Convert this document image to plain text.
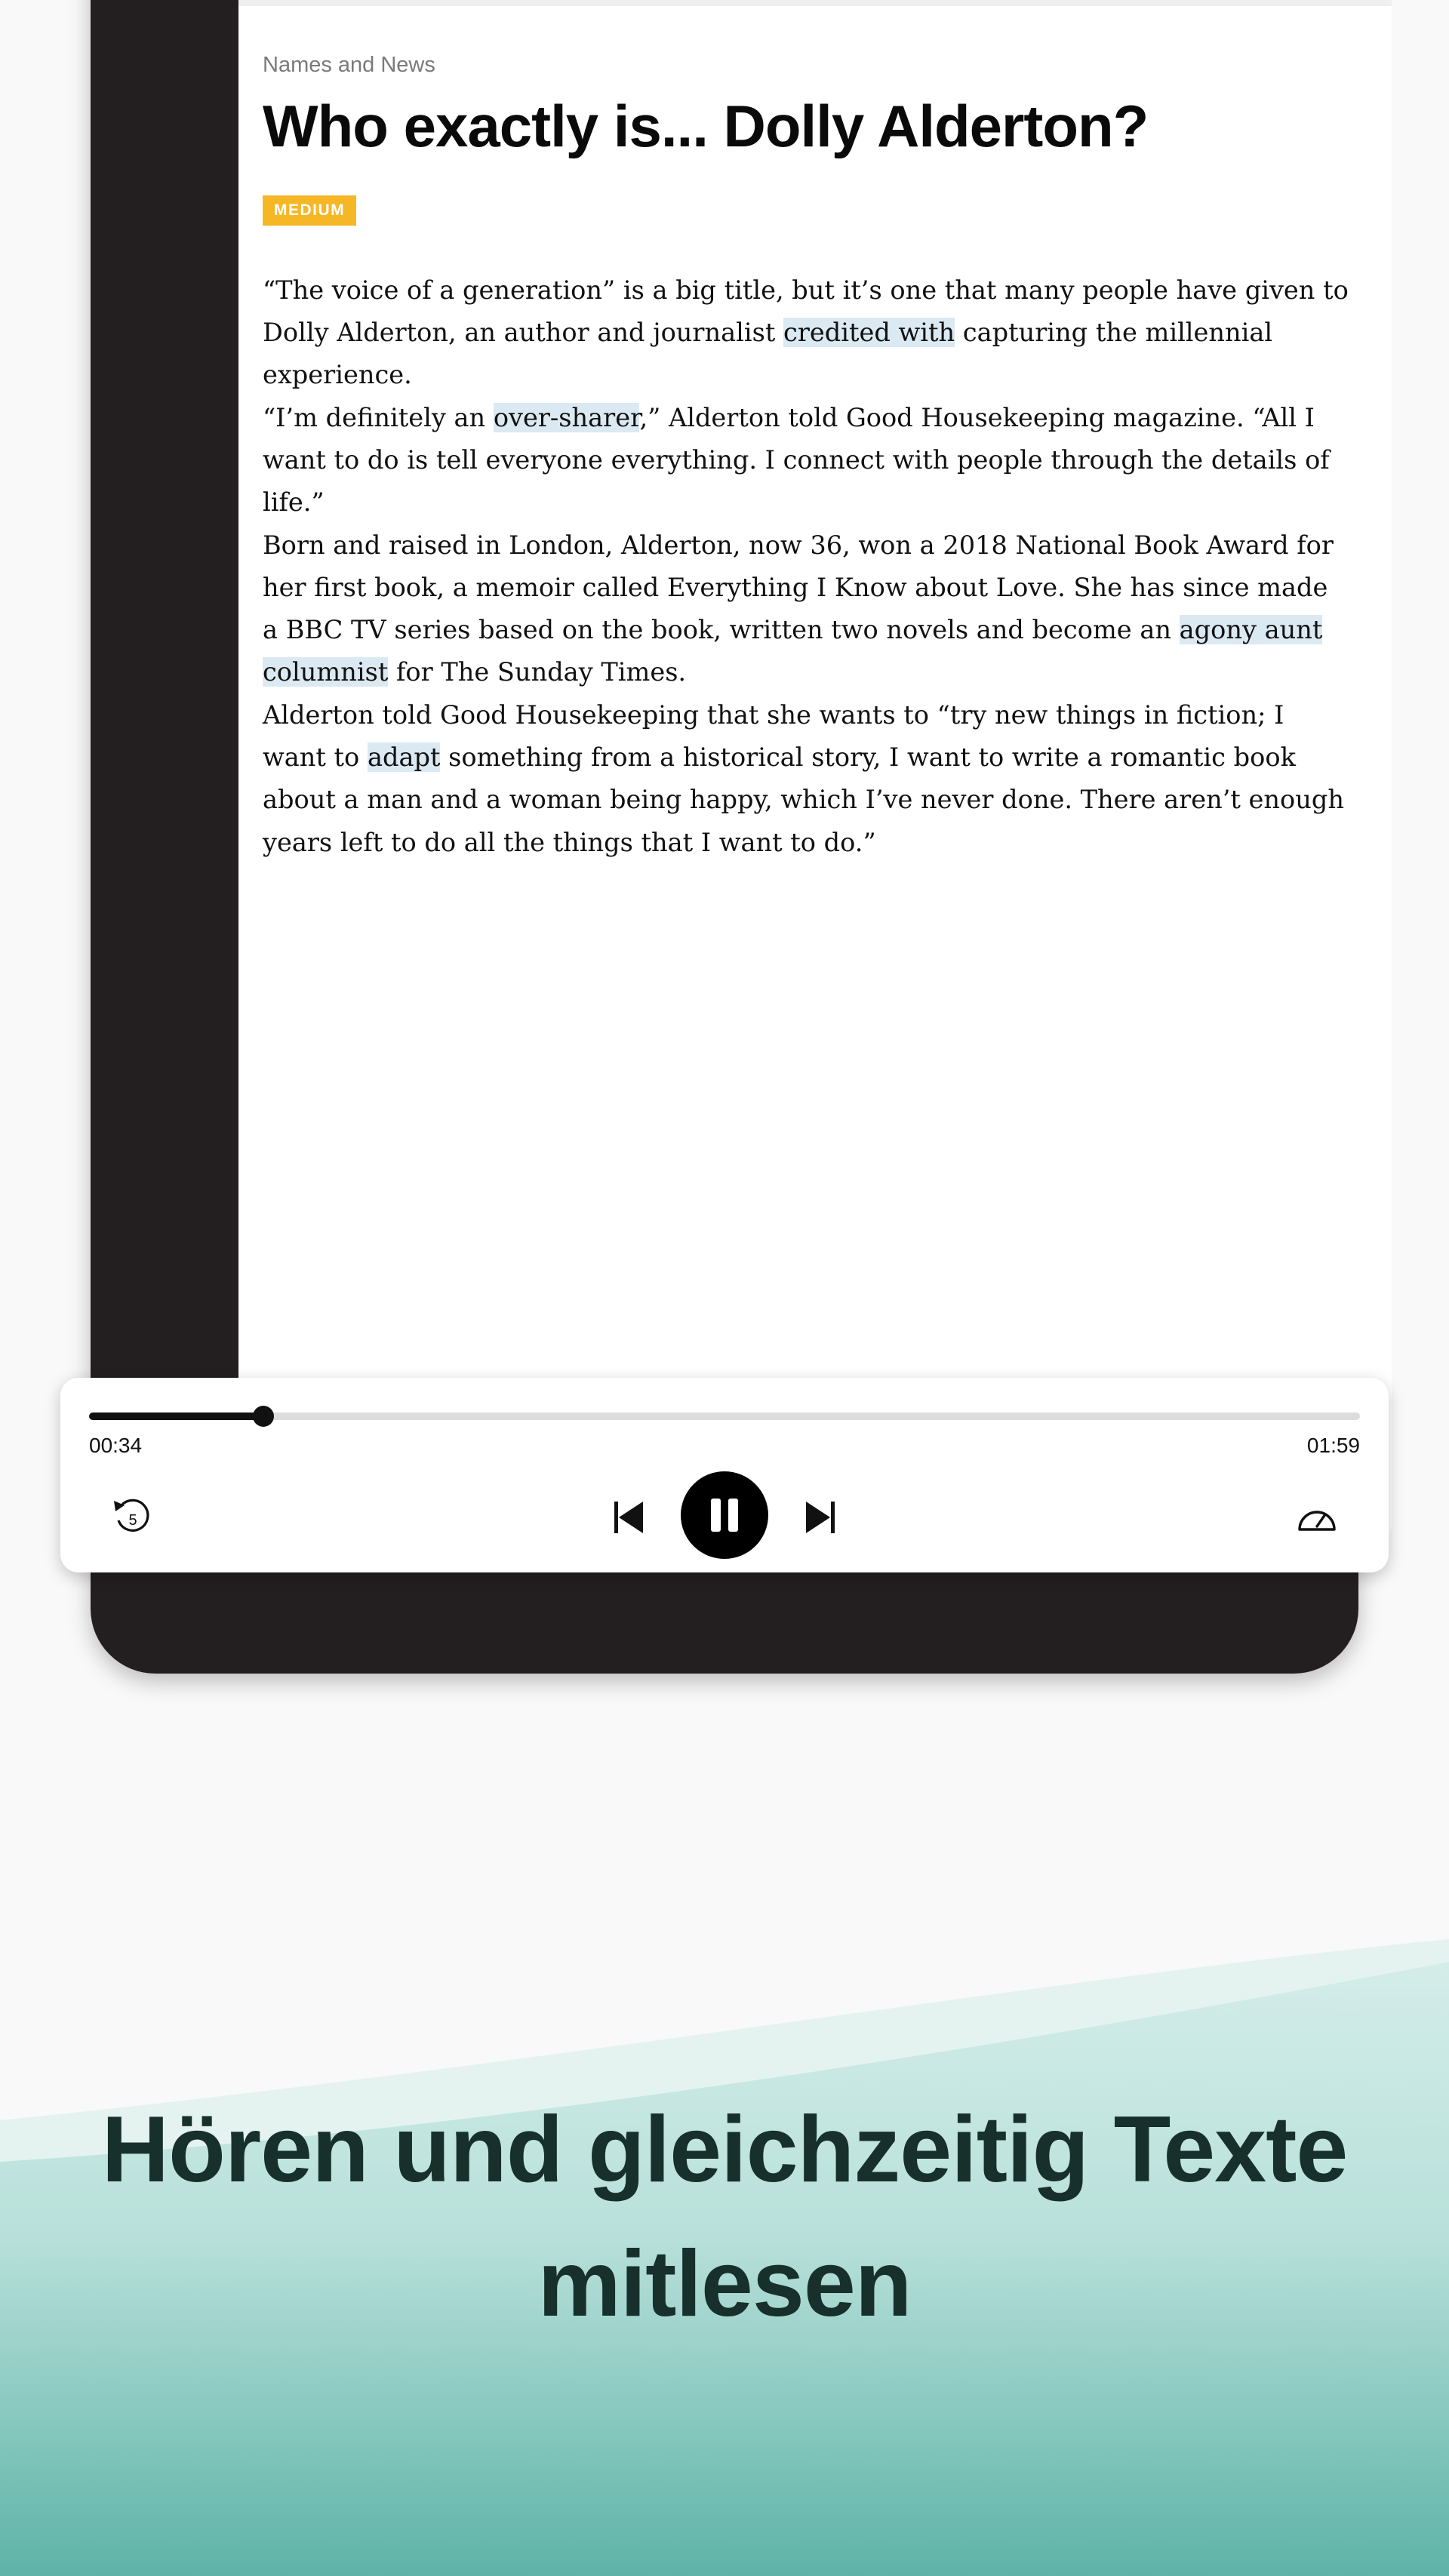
Names and News

Who exactly is... Dolly Alderton?
MEDIUM

“The voice of a generation” is a big title, but it’s one that many people have given to Dolly Alderton, an author and journalist credited with capturing the millennial experience.

“I’m definitely an over-sharer,” Alderton told Good Housekeeping magazine. “All I want to do is tell everyone everything. I connect with people through the details of life.”

Born and raised in London, Alderton, now 36, won a 2018 National Book Award for her first book, a memoir called Everything I Know about Love. She has since made a BBC TV series based on the book, written two novels and become an agony aunt columnist for The Sunday Times.

Alderton told Good Housekeeping that she wants to “try new things in fiction; I want to adapt something from a historical story, I want to write a romantic book about a man and a woman being happy, which I’ve never done. There aren’t enough years left to do all the things that I want to do.”

00:34	01:59
5
Hören und gleichzeitig Texte mitlesen
